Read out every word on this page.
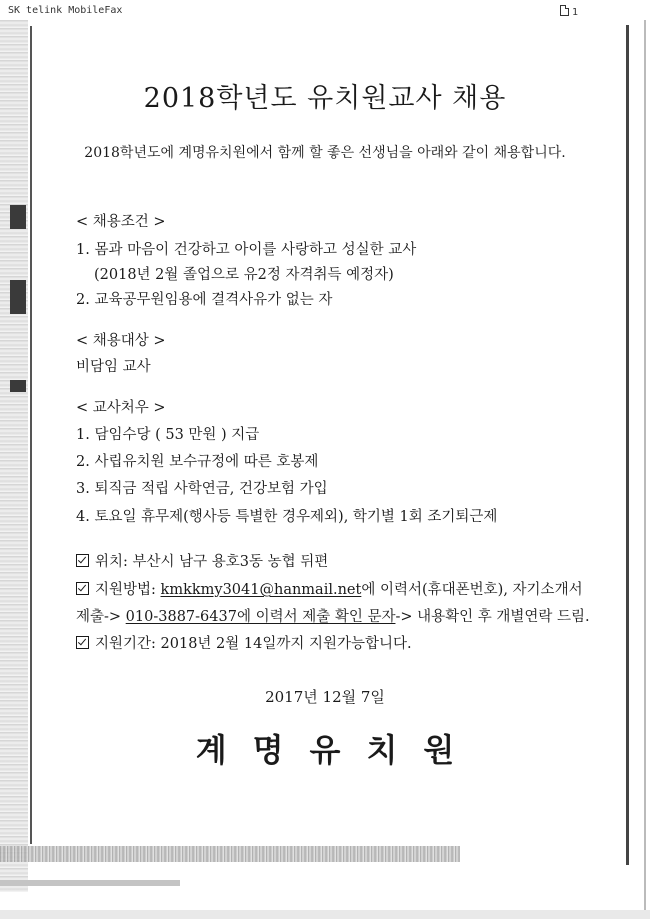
SK telink MobileFax	1
2018학년도 유치원교사 채용
2018학년도에 계명유치원에서 함께 할 좋은 선생님을 아래와 같이 채용합니다.
< 채용조건 >
1. 몸과 마음이 건강하고 아이를 사랑하고 성실한 교사
(2018년 2월 졸업으로 유2정 자격취득 예정자)
2. 교육공무원임용에 결격사유가 없는 자
< 채용대상 >
비담임 교사
< 교사처우 >
1. 담임수당 ( 53 만원 ) 지급
2. 사립유치원 보수규정에 따른 호봉제
3. 퇴직금 적립 사학연금, 건강보험 가입
4. 토요일 휴무제(행사등 특별한 경우제외), 학기별 1회 조기퇴근제
위치: 부산시 남구 용호3동 농협 뒤편
지원방법: kmkkmy3041@hanmail.net에 이력서(휴대폰번호), 자기소개서
제출-> 010-3887-6437에 이력서 제출 확인 문자-> 내용확인 후 개별연락 드림.
지원기간: 2018년 2월 14일까지 지원가능합니다.
2017년 12월 7일
계명유치원
